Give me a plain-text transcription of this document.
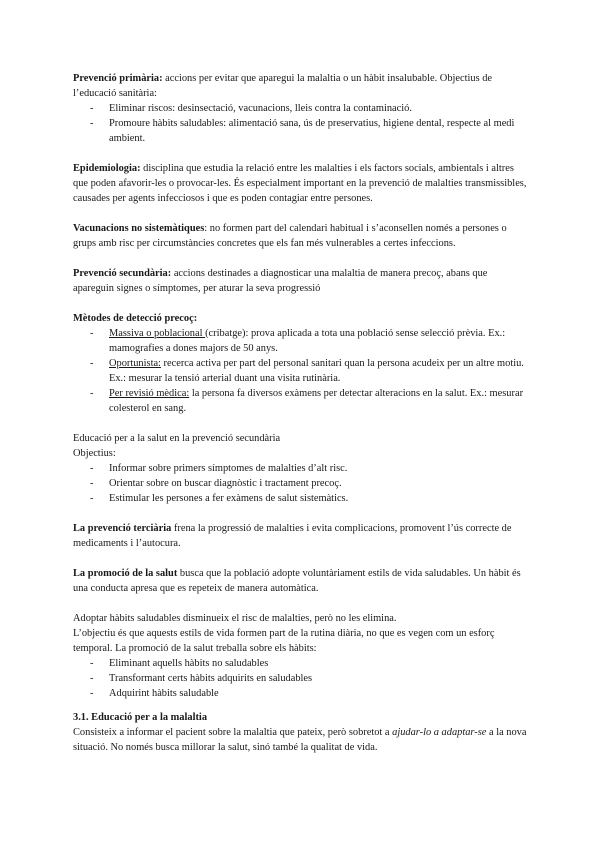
Prevenció primària: accions per evitar que aparegui la malaltia o un hàbit insalubable. Objectius de l’educació sanitària:

- Eliminar riscos: desinsectació, vacunacions, lleis contra la contaminació.
- Promoure hàbits saludables: alimentació sana, ús de preservatius, higiene dental, respecte al medi ambient.

Epidemiologia: disciplina que estudia la relació entre les malalties i els factors socials, ambientals i altres que poden afavorir-les o provocar-les. És especialment important en la prevenció de malalties transmissibles, causades per agents infecciosos i que es poden contagiar entre persones.

Vacunacions no sistemàtiques: no formen part del calendari habitual i s’aconsellen només a persones o grups amb risc per circumstàncies concretes que els fan més vulnerables a certes infeccions.

Prevenció secundària: accions destinades a diagnosticar una malaltia de manera precoç, abans que apareguin signes o símptomes, per aturar la seva progressió

Mètodes de detecció precoç:

- Massiva o poblacional (cribatge): prova aplicada a tota una població sense selecció prèvia. Ex.: mamografies a dones majors de 50 anys.
- Oportunista: recerca activa per part del personal sanitari quan la persona acudeix per un altre motiu. Ex.: mesurar la tensió arterial duant una visita rutinària.
- Per revisió mèdica: la persona fa diversos exàmens per detectar alteracions en la salut. Ex.: mesurar colesterol en sang.

Educació per a la salut en la prevenció secundària

Objectius:

- Informar sobre primers símptomes de malalties d’alt risc.
- Orientar sobre on buscar diagnòstic i tractament precoç.
- Estimular les persones a fer exàmens de salut sistemàtics.

La prevenció terciària frena la progressió de malalties i evita complicacions, promovent l’ús correcte de medicaments i l’autocura.

La promoció de la salut busca que la població adopte voluntàriament estils de vida saludables. Un hàbit és una conducta apresa que es repeteix de manera automàtica.

Adoptar hàbits saludables disminueix el risc de malalties, però no les elimina.

L’objectiu és que aquests estils de vida formen part de la rutina diària, no que es vegen com un esforç temporal. La promoció de la salut treballa sobre els hàbits:

- Eliminant aquells hàbits no saludables
- Transformant certs hàbits adquirits en saludables
- Adquirint hàbits saludable

3.1. Educació per a la malaltia

Consisteix a informar el pacient sobre la malaltia que pateix, però sobretot a ajudar-lo a adaptar-se a la nova situació. No només busca millorar la salut, sinó també la qualitat de vida.
